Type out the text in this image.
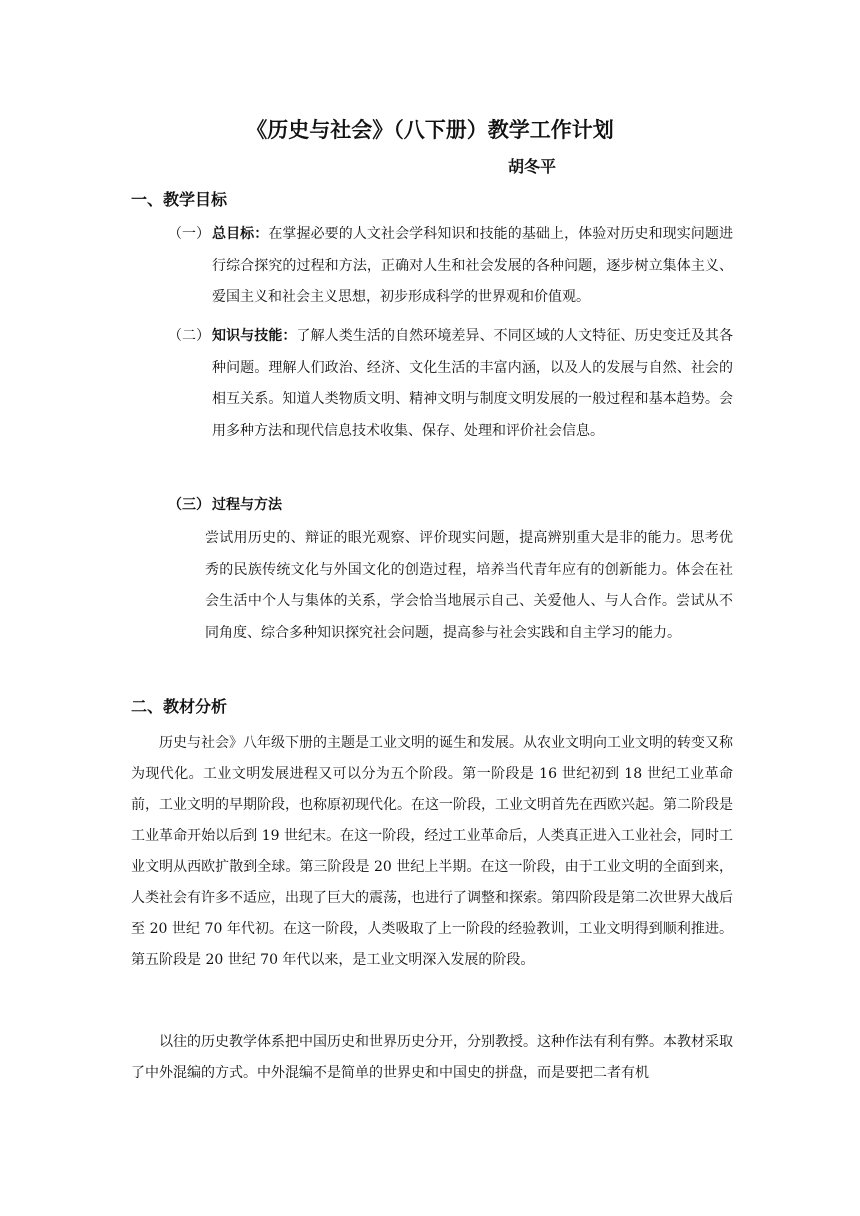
《历史与社会》（八下册）教学工作计划
胡冬平
一、教学目标
（一） 总目标：在掌握必要的人文社会学科知识和技能的基础上，体验对历史和现实问题进行综合探究的过程和方法，正确对人生和社会发展的各种问题，逐步树立集体主义、爱国主义和社会主义思想，初步形成科学的世界观和价值观。
（二） 知识与技能：了解人类生活的自然环境差异、不同区域的人文特征、历史变迁及其各种问题。理解人们政治、经济、文化生活的丰富内涵，以及人的发展与自然、社会的相互关系。知道人类物质文明、精神文明与制度文明发展的一般过程和基本趋势。会用多种方法和现代信息技术收集、保存、处理和评价社会信息。
（三） 过程与方法
尝试用历史的、辩证的眼光观察、评价现实问题，提高辨别重大是非的能力。思考优秀的民族传统文化与外国文化的创造过程，培养当代青年应有的创新能力。体会在社会生活中个人与集体的关系，学会恰当地展示自己、关爱他人、与人合作。尝试从不同角度、综合多种知识探究社会问题，提高参与社会实践和自主学习的能力。
二、教材分析
历史与社会》八年级下册的主题是工业文明的诞生和发展。从农业文明向工业文明的转变又称为现代化。工业文明发展进程又可以分为五个阶段。第一阶段是 16 世纪初到 18 世纪工业革命前，工业文明的早期阶段，也称原初现代化。在这一阶段，工业文明首先在西欧兴起。第二阶段是工业革命开始以后到 19 世纪末。在这一阶段，经过工业革命后，人类真正进入工业社会，同时工业文明从西欧扩散到全球。第三阶段是 20 世纪上半期。在这一阶段，由于工业文明的全面到来，人类社会有许多不适应，出现了巨大的震荡，也进行了调整和探索。第四阶段是第二次世界大战后至 20 世纪 70 年代初。在这一阶段，人类吸取了上一阶段的经验教训，工业文明得到顺利推进。第五阶段是 20 世纪 70 年代以来，是工业文明深入发展的阶段。
以往的历史教学体系把中国历史和世界历史分开，分别教授。这种作法有利有弊。本教材采取了中外混编的方式。中外混编不是简单的世界史和中国史的拼盘，而是要把二者有机
